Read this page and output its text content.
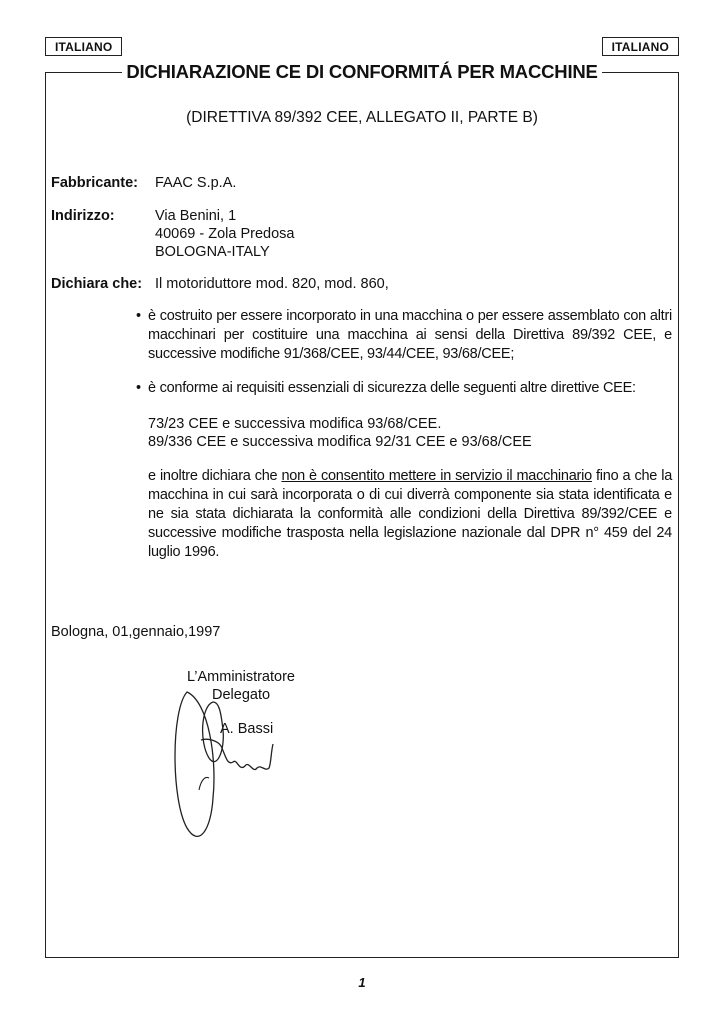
ITALIANO	ITALIANO
DICHIARAZIONE CE DI CONFORMITÁ PER MACCHINE
(DIRETTIVA 89/392 CEE, ALLEGATO II, PARTE B)
Fabbricante: FAAC S.p.A.
Indirizzo:	Via Benini, 1
40069 - Zola Predosa
BOLOGNA-ITALY
Dichiara che: Il motoriduttore mod. 820, mod. 860,
• è costruito per essere incorporato in una macchina o per essere assemblato con altri macchinari per costituire una macchina ai sensi della Direttiva 89/392 CEE, e successive modifiche 91/368/CEE, 93/44/CEE, 93/68/CEE;
• è conforme ai requisiti essenziali di sicurezza delle seguenti altre direttive CEE:
73/23 CEE e successiva modifica 93/68/CEE.
89/336 CEE e successiva modifica 92/31 CEE e 93/68/CEE
e inoltre dichiara che non è consentito mettere in servizio il macchinario fino a che la macchina in cui sarà incorporata o di cui diverrà componente sia stata identificata e ne sia stata dichiarata la conformità alle condizioni della Direttiva 89/392/CEE e successive modifiche trasposta nella legislazione nazionale dal DPR n° 459 del 24 luglio 1996.
Bologna, 01,gennaio,1997
L’Amministratore
Delegato
A. Bassi
1
